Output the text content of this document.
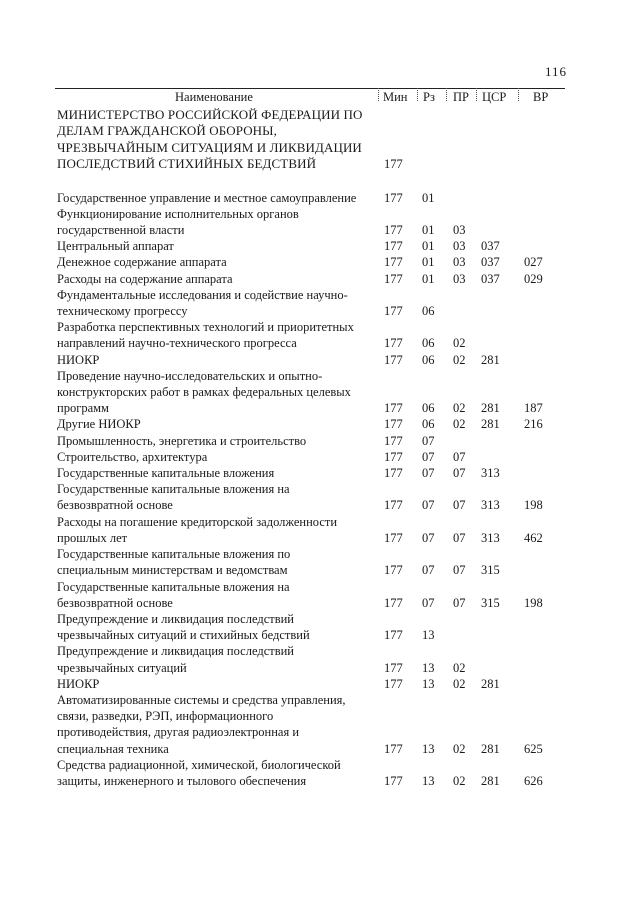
116
Наименование	Мин Рз ПР ЦСР ВР
МИНИСТЕРСТВО РОССИЙСКОЙ ФЕДЕРАЦИИ ПО ДЕЛАМ ГРАЖДАНСКОЙ ОБОРОНЫ, ЧРЕЗВЫЧАЙНЫМ СИТУАЦИЯМ И ЛИКВИДАЦИИ ПОСЛЕДСТВИЙ СТИХИЙНЫХ БЕДСТВИЙ	177
Государственное управление и местное самоуправление	177 01
Функционирование исполнительных органов государственной власти	177 01 03
Центральный аппарат	177 01 03 037
Денежное содержание аппарата	177 01 03 037 027
Расходы на содержание аппарата	177 01 03 037 029
Фундаментальные исследования и содействие научно-техническому прогрессу	177 06
Разработка перспективных технологий и приоритетных направлений научно-технического прогресса	177 06 02
НИОКР	177 06 02 281
Проведение научно-исследовательских и опытно-конструкторских работ в рамках федеральных целевых программ	177 06 02 281 187
Другие НИОКР	177 06 02 281 216
Промышленность, энергетика и строительство	177 07
Строительство, архитектура	177 07 07
Государственные капитальные вложения	177 07 07 313
Государственные капитальные вложения на безвозвратной основе	177 07 07 313 198
Расходы на погашение кредиторской задолженности прошлых лет	177 07 07 313 462
Государственные капитальные вложения по специальным министерствам и ведомствам	177 07 07 315
Государственные капитальные вложения на безвозвратной основе	177 07 07 315 198
Предупреждение и ликвидация последствий чрезвычайных ситуаций и стихийных бедствий	177 13
Предупреждение и ликвидация последствий чрезвычайных ситуаций	177 13 02
НИОКР	177 13 02 281
Автоматизированные системы и средства управления, связи, разведки, РЭП, информационного противодействия, другая радиоэлектронная и специальная техника	177 13 02 281 625
Средства радиационной, химической, биологической защиты, инженерного и тылового обеспечения	177 13 02 281 626
